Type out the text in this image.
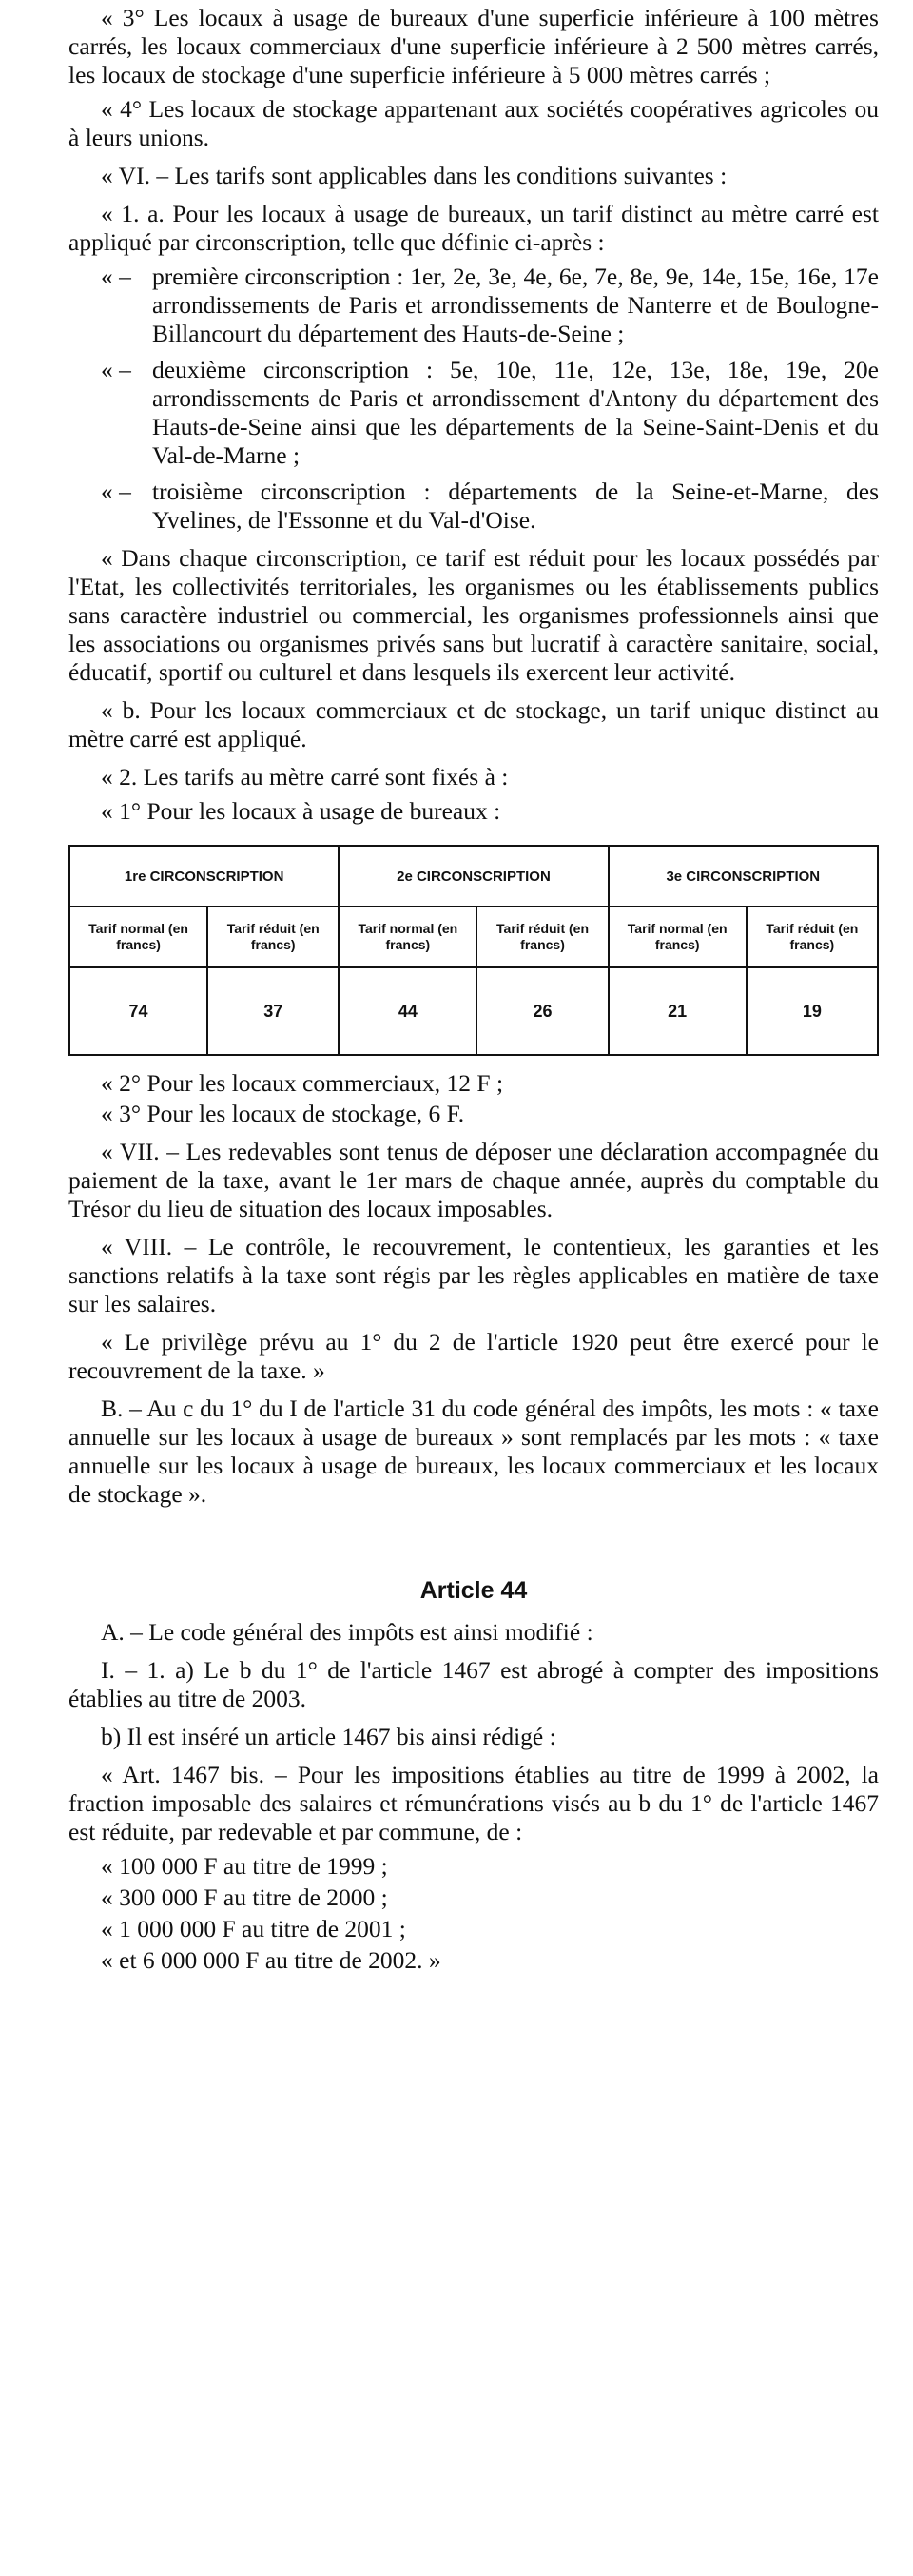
« 3° Les locaux à usage de bureaux d'une superficie inférieure à 100 mètres carrés, les locaux commerciaux d'une superficie inférieure à 2 500 mètres carrés, les locaux de stockage d'une superficie inférieure à 5 000 mètres carrés ;

« 4° Les locaux de stockage appartenant aux sociétés coopératives agricoles ou à leurs unions.

« VI. – Les tarifs sont applicables dans les conditions suivantes :

« 1. a. Pour les locaux à usage de bureaux, un tarif distinct au mètre carré est appliqué par circonscription, telle que définie ci-après :

« – première circonscription : 1er, 2e, 3e, 4e, 6e, 7e, 8e, 9e, 14e, 15e, 16e, 17e arrondissements de Paris et arrondissements de Nanterre et de Boulogne-Billancourt du département des Hauts-de-Seine ;
« – deuxième circonscription : 5e, 10e, 11e, 12e, 13e, 18e, 19e, 20e arrondissements de Paris et arrondissement d'Antony du département des Hauts-de-Seine ainsi que les départements de la Seine-Saint-Denis et du Val-de-Marne ;
« – troisième circonscription : départements de la Seine-et-Marne, des Yvelines, de l'Essonne et du Val-d'Oise.

« Dans chaque circonscription, ce tarif est réduit pour les locaux possédés par l'Etat, les collectivités territoriales, les organismes ou les établissements publics sans caractère industriel ou commercial, les organismes professionnels ainsi que les associations ou organismes privés sans but lucratif à caractère sanitaire, social, éducatif, sportif ou culturel et dans lesquels ils exercent leur activité.

« b. Pour les locaux commerciaux et de stockage, un tarif unique distinct au mètre carré est appliqué.

« 2. Les tarifs au mètre carré sont fixés à :

« 1° Pour les locaux à usage de bureaux :

1re CIRCONSCRIPTION		2e CIRCONSCRIPTION		3e CIRCONSCRIPTION	
Tarif normal (en francs)	Tarif réduit (en francs)	Tarif normal (en francs)	Tarif réduit (en francs)	Tarif normal (en francs)	Tarif réduit (en francs)
74	37	44	26	21	19

« 2° Pour les locaux commerciaux, 12 F ;

« 3° Pour les locaux de stockage, 6 F.

« VII. – Les redevables sont tenus de déposer une déclaration accompagnée du paiement de la taxe, avant le 1er mars de chaque année, auprès du comptable du Trésor du lieu de situation des locaux imposables.

« VIII. – Le contrôle, le recouvrement, le contentieux, les garanties et les sanctions relatifs à la taxe sont régis par les règles applicables en matière de taxe sur les salaires.

« Le privilège prévu au 1° du 2 de l'article 1920 peut être exercé pour le recouvrement de la taxe. »

B. – Au c du 1° du I de l'article 31 du code général des impôts, les mots : « taxe annuelle sur les locaux à usage de bureaux » sont remplacés par les mots : « taxe annuelle sur les locaux à usage de bureaux, les locaux commerciaux et les locaux de stockage ».

Article 44

A. – Le code général des impôts est ainsi modifié :

I. – 1. a) Le b du 1° de l'article 1467 est abrogé à compter des impositions établies au titre de 2003.

b) Il est inséré un article 1467 bis ainsi rédigé :

« Art. 1467 bis. – Pour les impositions établies au titre de 1999 à 2002, la fraction imposable des salaires et rémunérations visés au b du 1° de l'article 1467 est réduite, par redevable et par commune, de :

« 100 000 F au titre de 1999 ;
« 300 000 F au titre de 2000 ;
« 1 000 000 F au titre de 2001 ;
« et 6 000 000 F au titre de 2002. »
